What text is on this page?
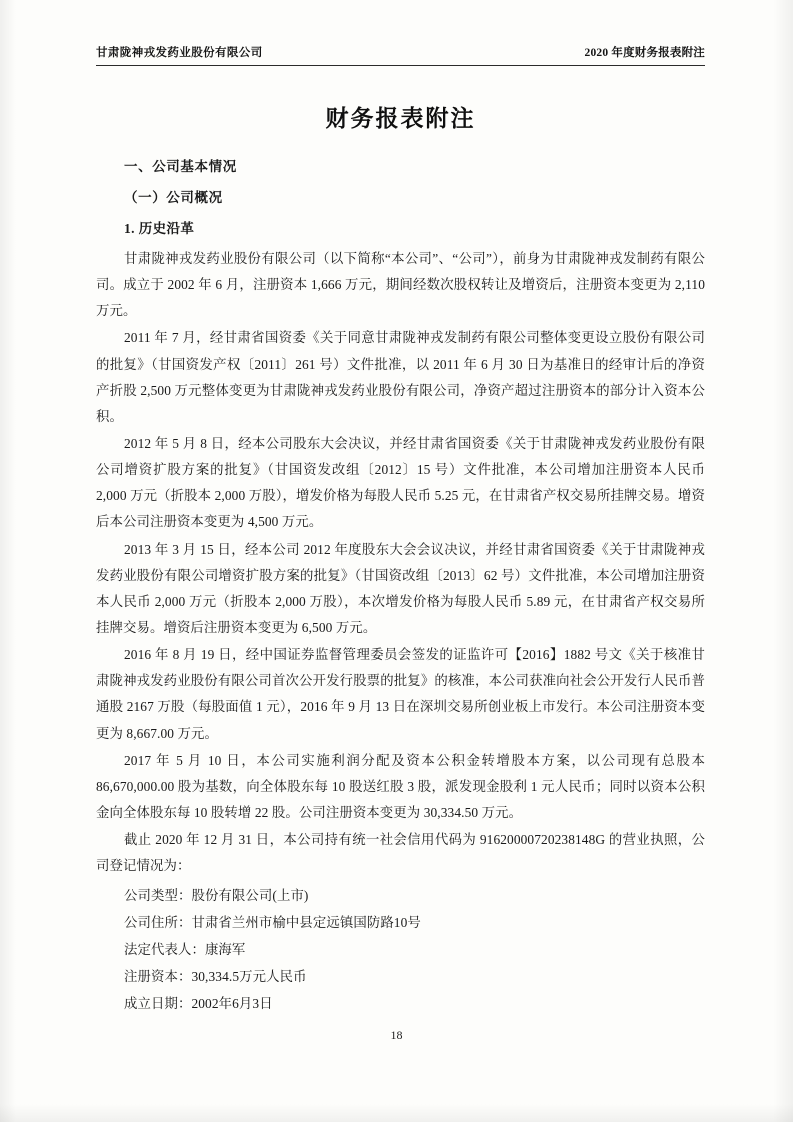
甘肃陇神戎发药业股份有限公司	2020 年度财务报表附注
财务报表附注
一、公司基本情况
（一）公司概况
1. 历史沿革

甘肃陇神戎发药业股份有限公司（以下简称“本公司”、“公司”），前身为甘肃陇神戎发制药有限公司。成立于 2002 年 6 月，注册资本 1,666 万元，期间经数次股权转让及增资后，注册资本变更为 2,110 万元。

2011 年 7 月，经甘肃省国资委《关于同意甘肃陇神戎发制药有限公司整体变更设立股份有限公司的批复》（甘国资发产权〔2011〕261 号）文件批准，以 2011 年 6 月 30 日为基准日的经审计后的净资产折股 2,500 万元整体变更为甘肃陇神戎发药业股份有限公司，净资产超过注册资本的部分计入资本公积。

2012 年 5 月 8 日，经本公司股东大会决议，并经甘肃省国资委《关于甘肃陇神戎发药业股份有限公司增资扩股方案的批复》（甘国资发改组〔2012〕15 号）文件批准，本公司增加注册资本人民币 2,000 万元（折股本 2,000 万股），增发价格为每股人民币 5.25 元，在甘肃省产权交易所挂牌交易。增资后本公司注册资本变更为 4,500 万元。

2013 年 3 月 15 日，经本公司 2012 年度股东大会会议决议，并经甘肃省国资委《关于甘肃陇神戎发药业股份有限公司增资扩股方案的批复》（甘国资改组〔2013〕62 号）文件批准，本公司增加注册资本人民币 2,000 万元（折股本 2,000 万股），本次增发价格为每股人民币 5.89 元，在甘肃省产权交易所挂牌交易。增资后注册资本变更为 6,500 万元。

2016 年 8 月 19 日，经中国证券监督管理委员会签发的证监许可【2016】1882 号文《关于核准甘肃陇神戎发药业股份有限公司首次公开发行股票的批复》的核准，本公司获准向社会公开发行人民币普通股 2167 万股（每股面值 1 元），2016 年 9 月 13 日在深圳交易所创业板上市发行。本公司注册资本变更为 8,667.00 万元。

2017 年 5 月 10 日，本公司实施利润分配及资本公积金转增股本方案，以公司现有总股本 86,670,000.00 股为基数，向全体股东每 10 股送红股 3 股，派发现金股利 1 元人民币；同时以资本公积金向全体股东每 10 股转增 22 股。公司注册资本变更为 30,334.50 万元。

截止 2020 年 12 月 31 日，本公司持有统一社会信用代码为 91620000720238148G 的营业执照，公司登记情况为：

公司类型：股份有限公司(上市)
公司住所：甘肃省兰州市榆中县定远镇国防路10号
法定代表人：康海军
注册资本：30,334.5万元人民币
成立日期：2002年6月3日
18
